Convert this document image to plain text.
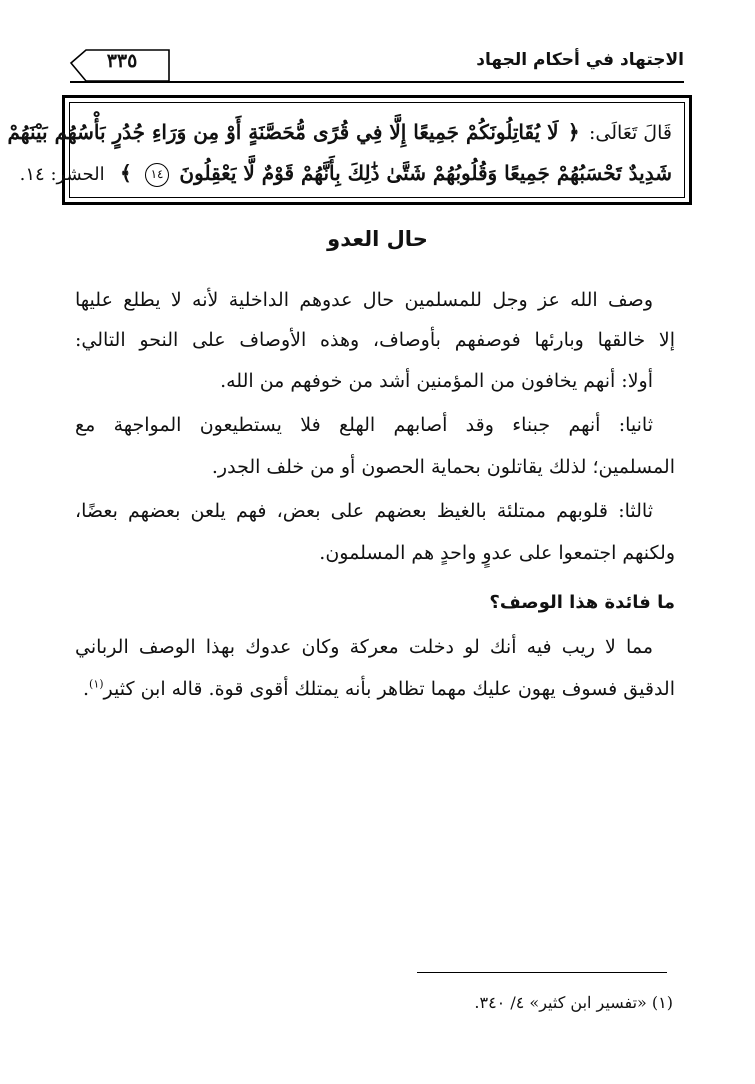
الاجتهاد في أحكام الجهاد
٣٣٥
قَالَ تَعَالَى: ﴿ لَا يُقَاتِلُونَكُمْ جَمِيعًا إِلَّا فِي قُرًى مُّحَصَّنَةٍ أَوْ مِن وَرَاءِ جُدُرٍ بَأْسُهُم بَيْنَهُمْ
شَدِيدٌ تَحْسَبُهُمْ جَمِيعًا وَقُلُوبُهُمْ شَتَّىٰ ذَٰلِكَ بِأَنَّهُمْ قَوْمٌ لَّا يَعْقِلُونَ ١٤ ﴾ الحشر: ١٤.
حال العدو
وصف الله عز وجل للمسلمين حال عدوهم الداخلية لأنه لا يطلع عليها
إلا خالقها وبارئها فوصفهم بأوصاف، وهذه الأوصاف على النحو التالي:
أولا: أنهم يخافون من المؤمنين أشد من خوفهم من الله.
ثانيا: أنهم جبناء وقد أصابهم الهلع فلا يستطيعون المواجهة مع
المسلمين؛ لذلك يقاتلون بحماية الحصون أو من خلف الجدر.
ثالثا: قلوبهم ممتلئة بالغيظ بعضهم على بعض، فهم يلعن بعضهم بعضًا،
ولكنهم اجتمعوا على عدوٍ واحدٍ هم المسلمون.
ما فائدة هذا الوصف؟
مما لا ريب فيه أنك لو دخلت معركة وكان عدوك بهذا الوصف الرباني
الدقيق فسوف يهون عليك مهما تظاهر بأنه يمتلك أقوى قوة. قاله ابن كثير$^{(١)}$.
(١) «تفسير ابن كثير» ٤/ ٣٤٠.
